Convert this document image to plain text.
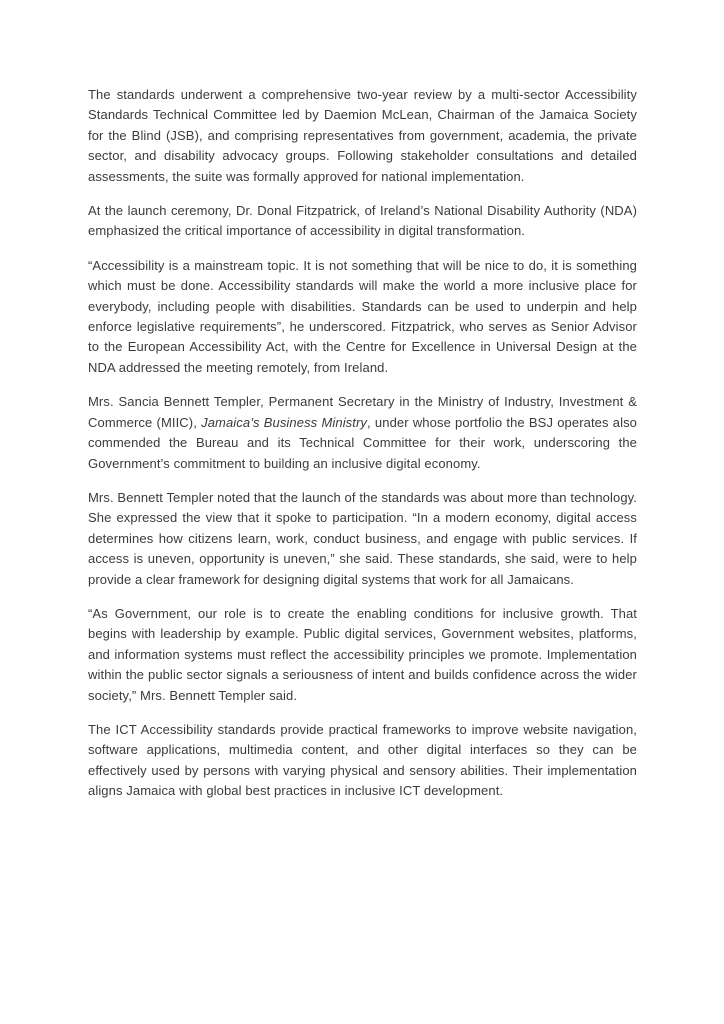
The standards underwent a comprehensive two-year review by a multi-sector Accessibility Standards Technical Committee led by Daemion McLean, Chairman of the Jamaica Society for the Blind (JSB), and comprising representatives from government, academia, the private sector, and disability advocacy groups. Following stakeholder consultations and detailed assessments, the suite was formally approved for national implementation.

At the launch ceremony, Dr. Donal Fitzpatrick, of Ireland’s National Disability Authority (NDA) emphasized the critical importance of accessibility in digital transformation.

“Accessibility is a mainstream topic. It is not something that will be nice to do, it is something which must be done. Accessibility standards will make the world a more inclusive place for everybody, including people with disabilities. Standards can be used to underpin and help enforce legislative requirements”, he underscored. Fitzpatrick, who serves as Senior Advisor to the European Accessibility Act, with the Centre for Excellence in Universal Design at the NDA addressed the meeting remotely, from Ireland.

Mrs. Sancia Bennett Templer, Permanent Secretary in the Ministry of Industry, Investment & Commerce (MIIC), Jamaica’s Business Ministry, under whose portfolio the BSJ operates also commended the Bureau and its Technical Committee for their work, underscoring the Government’s commitment to building an inclusive digital economy.

Mrs. Bennett Templer noted that the launch of the standards was about more than technology. She expressed the view that it spoke to participation. “In a modern economy, digital access determines how citizens learn, work, conduct business, and engage with public services. If access is uneven, opportunity is uneven,” she said. These standards, she said, were to help provide a clear framework for designing digital systems that work for all Jamaicans.

“As Government, our role is to create the enabling conditions for inclusive growth. That begins with leadership by example. Public digital services, Government websites, platforms, and information systems must reflect the accessibility principles we promote. Implementation within the public sector signals a seriousness of intent and builds confidence across the wider society,” Mrs. Bennett Templer said.

The ICT Accessibility standards provide practical frameworks to improve website navigation, software applications, multimedia content, and other digital interfaces so they can be effectively used by persons with varying physical and sensory abilities. Their implementation aligns Jamaica with global best practices in inclusive ICT development.
